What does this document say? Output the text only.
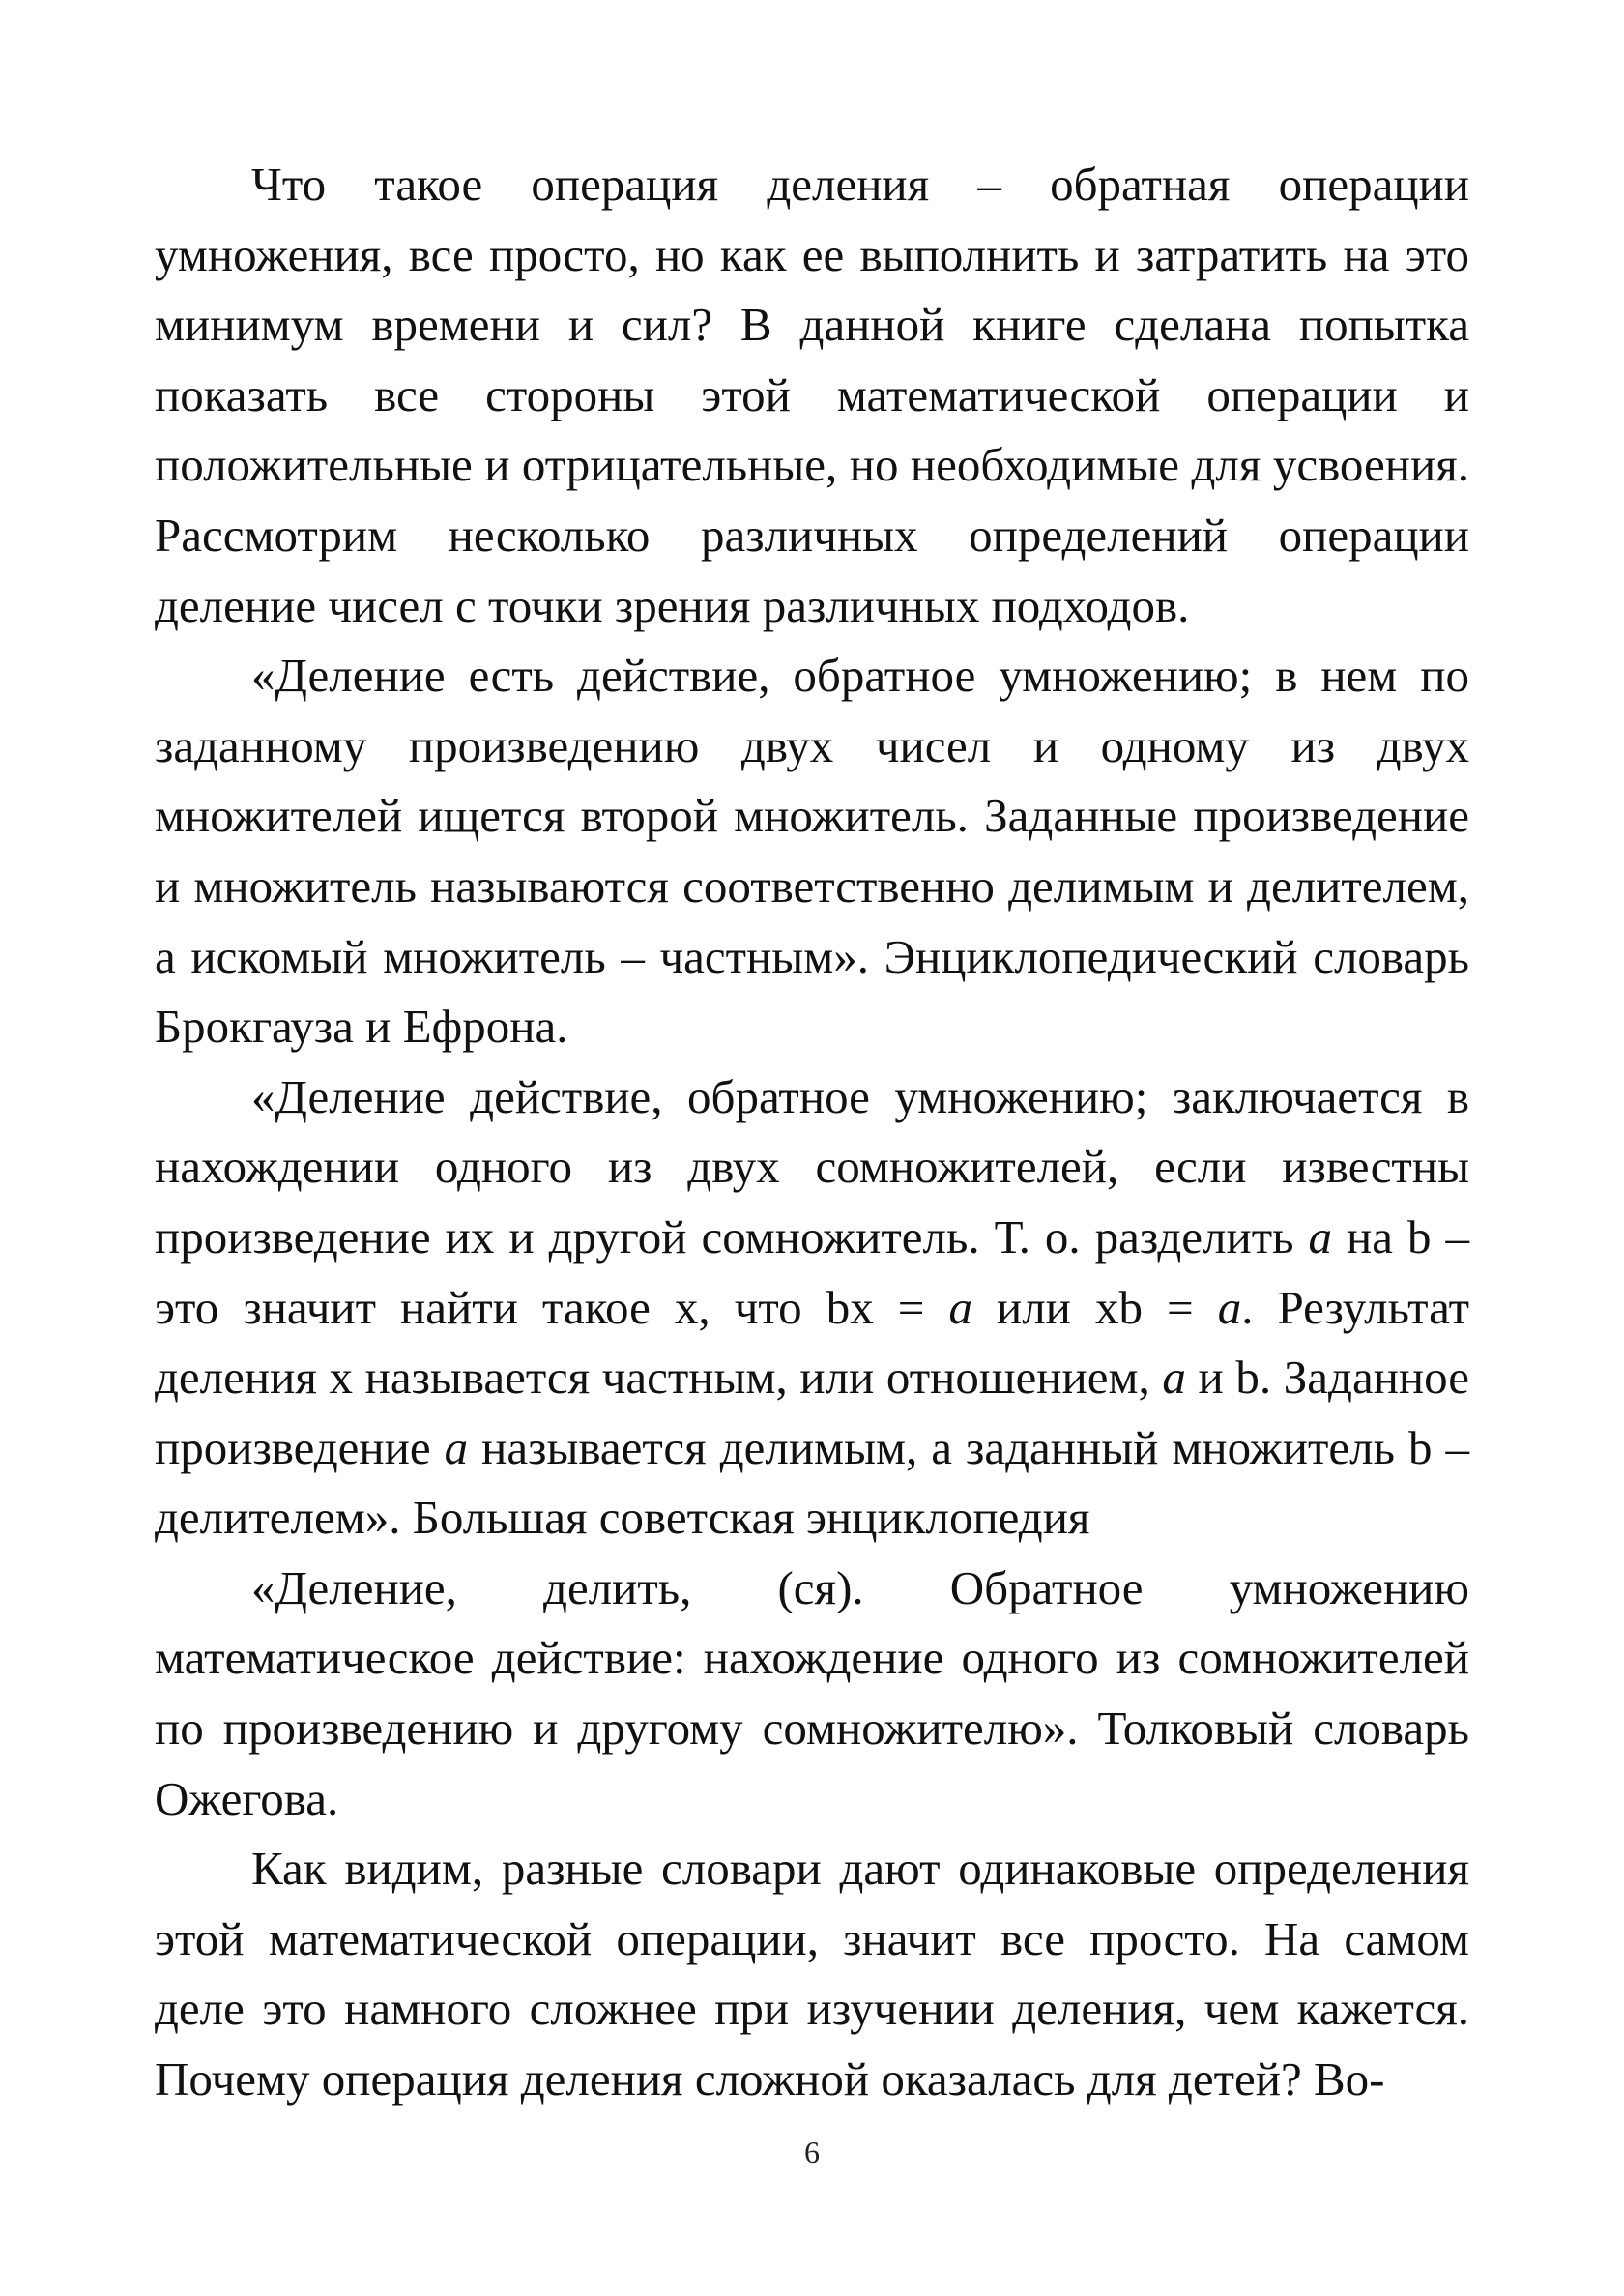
Что такое операция деления – обратная операции умножения, все просто, но как ее выполнить и затратить на это минимум времени и сил? В данной книге сделана попытка показать все стороны этой математической операции и положительные и отрицательные, но необходимые для усвоения. Рассмотрим несколько различных определений операции деление чисел с точки зрения различных подходов.

«Деление есть действие, обратное умножению; в нем по заданному произведению двух чисел и одному из двух множителей ищется второй множитель. Заданные произведение и множитель называются соответственно делимым и делителем, а искомый множитель – частным». Энциклопедический словарь Брокгауза и Ефрона.

«Деление действие, обратное умножению; заключается в нахождении одного из двух сомножителей, если известны произведение их и другой сомножитель. Т. о. разделить a на b – это значит найти такое x, что bx = a или xb = a. Результат деления x называется частным, или отношением, a и b. Заданное произведение a называется делимым, а заданный множитель b – делителем». Большая советская энциклопедия

«Деление, делить, (ся). Обратное умножению математическое действие: нахождение одного из сомножителей по произведению и другому сомножителю». Толковый словарь Ожегова.

Как видим, разные словари дают одинаковые определения этой математической операции, значит все просто. На самом деле это намного сложнее при изучении деления, чем кажется. Почему операция деления сложной оказалась для детей? Во-

6
